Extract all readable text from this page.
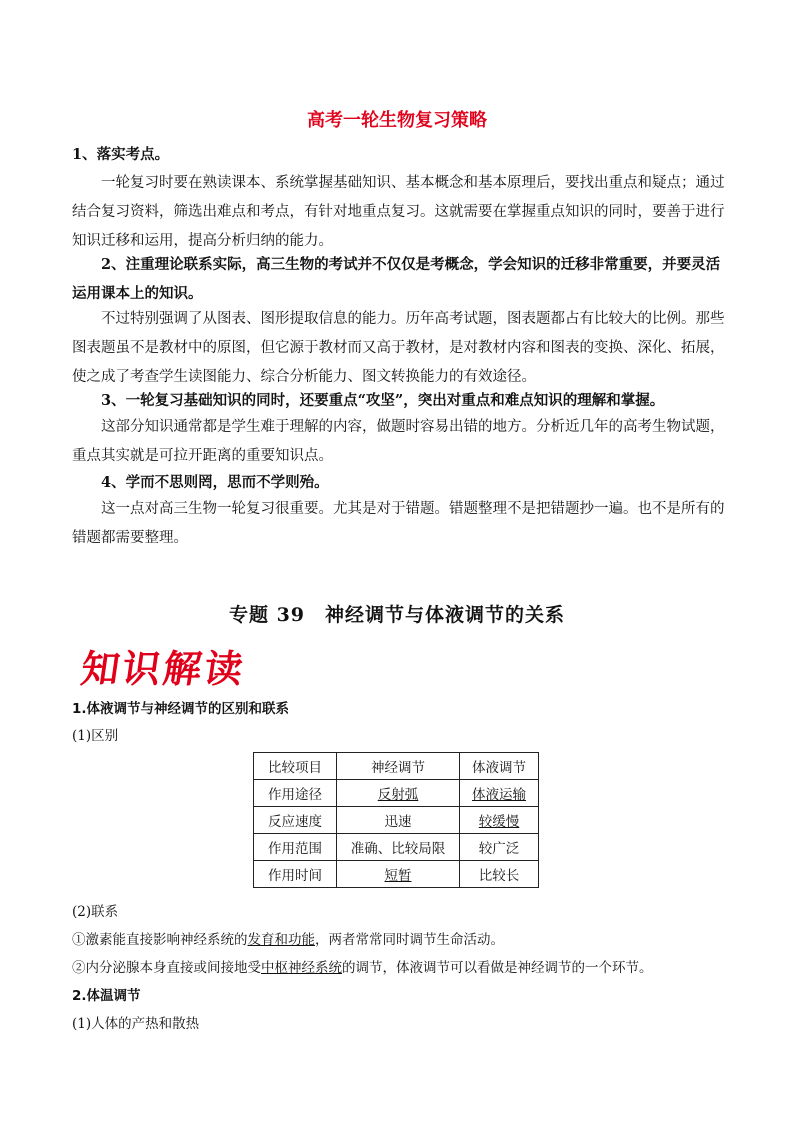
高考一轮生物复习策略
1、落实考点。
一轮复习时要在熟读课本、系统掌握基础知识、基本概念和基本原理后，要找出重点和疑点；通过结合复习资料，筛选出难点和考点，有针对地重点复习。这就需要在掌握重点知识的同时，要善于进行知识迁移和运用，提高分析归纳的能力。
2、注重理论联系实际，高三生物的考试并不仅仅是考概念，学会知识的迁移非常重要，并要灵活运用课本上的知识。
不过特别强调了从图表、图形提取信息的能力。历年高考试题，图表题都占有比较大的比例。那些图表题虽不是教材中的原图，但它源于教材而又高于教材，是对教材内容和图表的变换、深化、拓展，使之成了考查学生读图能力、综合分析能力、图文转换能力的有效途径。
3、一轮复习基础知识的同时，还要重点“攻坚”，突出对重点和难点知识的理解和掌握。
这部分知识通常都是学生难于理解的内容，做题时容易出错的地方。分析近几年的高考生物试题，重点其实就是可拉开距离的重要知识点。
4、学而不思则罔，思而不学则殆。
这一点对高三生物一轮复习很重要。尤其是对于错题。错题整理不是把错题抄一遍。也不是所有的错题都需要整理。
专题 39　神经调节与体液调节的关系
知识解读
1.体液调节与神经调节的区别和联系
(1)区别
比较项目	神经调节	体液调节
作用途径	反射弧	体液运输
反应速度	迅速	较缓慢
作用范围	准确、比较局限	较广泛
作用时间	短暂	比较长
(2)联系
①激素能直接影响神经系统的发育和功能，两者常常同时调节生命活动。
②内分泌腺本身直接或间接地受中枢神经系统的调节，体液调节可以看做是神经调节的一个环节。
2.体温调节
(1)人体的产热和散热
